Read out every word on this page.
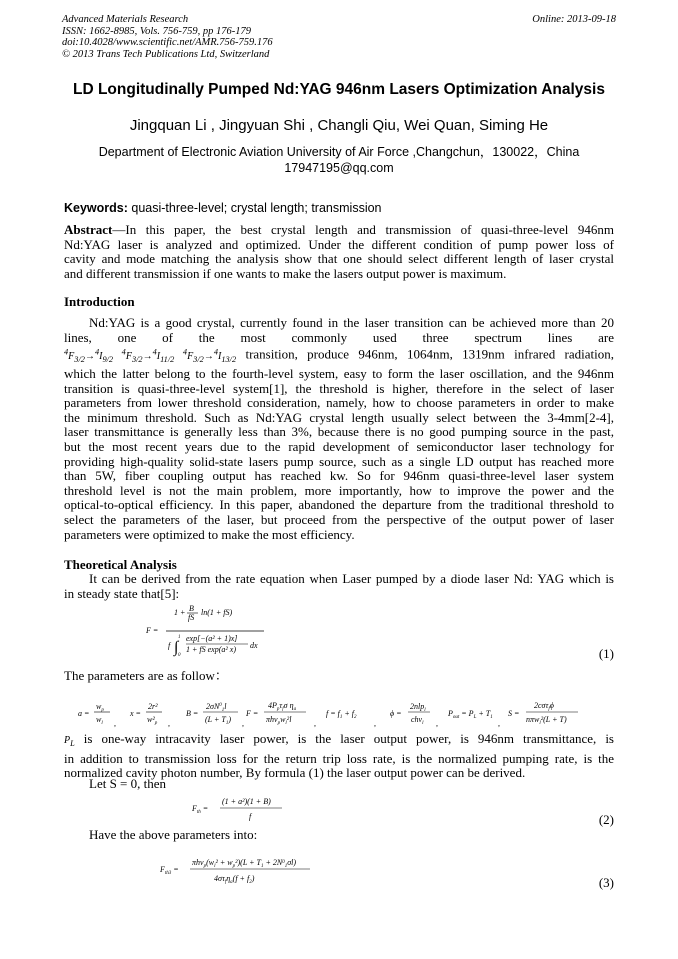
Advanced Materials Research
ISSN: 1662-8985, Vols. 756-759, pp 176-179
doi:10.4028/www.scientific.net/AMR.756-759.176
© 2013 Trans Tech Publications Ltd, Switzerland
Online: 2013-09-18
LD Longitudinally Pumped Nd:YAG 946nm Lasers Optimization Analysis
Jingquan Li , Jingyuan Shi , Changli Qiu, Wei Quan, Siming He
Department of Electronic Aviation University of Air Force ,Changchun，130022，China
17947195@qq.com
Keywords: quasi-three-level; crystal length; transmission
Abstract—In this paper, the best crystal length and transmission of quasi-three-level 946nm
Nd:YAG laser is analyzed and optimized. Under the different condition of pump power loss of
cavity and mode matching the analysis show that one should select different length of laser crystal
and different transmission if one wants to make the lasers output power is maximum.
Introduction
Nd:YAG is a good crystal, currently found in the laser transition can be achieved more than 20
lines, one of the most commonly used three spectrum lines are
$^4F_{3/2}\to^4I_{9/2}$ $^4F_{3/2}\to^4I_{11/2}$ $^4F_{3/2}\to^4I_{13/2}$ transition, produce 946nm, 1064nm, 1319nm infrared radiation,
which the latter belong to the fourth-level system, easy to form the laser oscillation, and the 946nm
transition is quasi-three-level system[1], the threshold is higher, therefore in the select of laser
parameters from lower threshold consideration, namely, how to choose parameters in order to make
the minimum threshold. Such as Nd:YAG crystal length usually select between the 3-4mm[2-4],
laser transmittance is generally less than 3%, because there is no good pumping source in the past,
but the most recent years due to the rapid development of semiconductor laser technology for
providing high-quality solid-state lasers pump source, such as a single LD output has reached more
than 5W, fiber coupling output has reached kw. So for 946nm quasi-three-level laser system
threshold level is not the main problem, more importantly, how to improve the power and the
optical-to-optical efficiency. In this paper, abandoned the departure from the traditional threshold to
select the parameters of the laser, but proceed from the perspective of the output power of laser
parameters were optimized to make the most efficiency.
Theoretical Analysis
It can be derived from the rate equation when Laser pumped by a diode laser Nd: YAG which is
in steady state that[5]:
F =
1 + B
fS
ln(1 + fS)
f ∫ 0
1 exp[−(a² + 1)x]
1 + fS exp(a² x) dx
(1)
The parameters are as follow：
a =
$w_p$
$w_l$ ,
x =
2r²
$w^2_p$ ,
B =
$2\sigma N^0_1l$
$(L + T_1)$ ,
F =
$4P_p\tau_f\sigma$ $\eta_a$
$\pi h\nu_pw_l^2l$	,
$f = f_1 + f_2$
,
ϕ =
2nlp$_l$
chν$_l$ ,
$P_{out} = P_L + T_1$
,
S =
2cστ$_f$ϕ
nπw$_l$²(L + T)
$P_L$ is one-way intracavity laser power, is the laser output power, is 946nm transmittance, is
in addition to transmission loss for the return trip loss rate, is the normalized pumping rate, is the
normalized cavity photon number, By formula (1) the laser output power can be derived.
Let S = 0, then
$F_{th}$ =
(1 + a²)(1 + B)
f	(2)
Have the above parameters into:
$F_{th3}$ =
$\pi h\nu_p(w_l^2 + w_p^2)(L + T_1 + 2N^0_1\sigma l)$
$4\sigma\tau_f\eta_a(f + f_2)$	(3)
